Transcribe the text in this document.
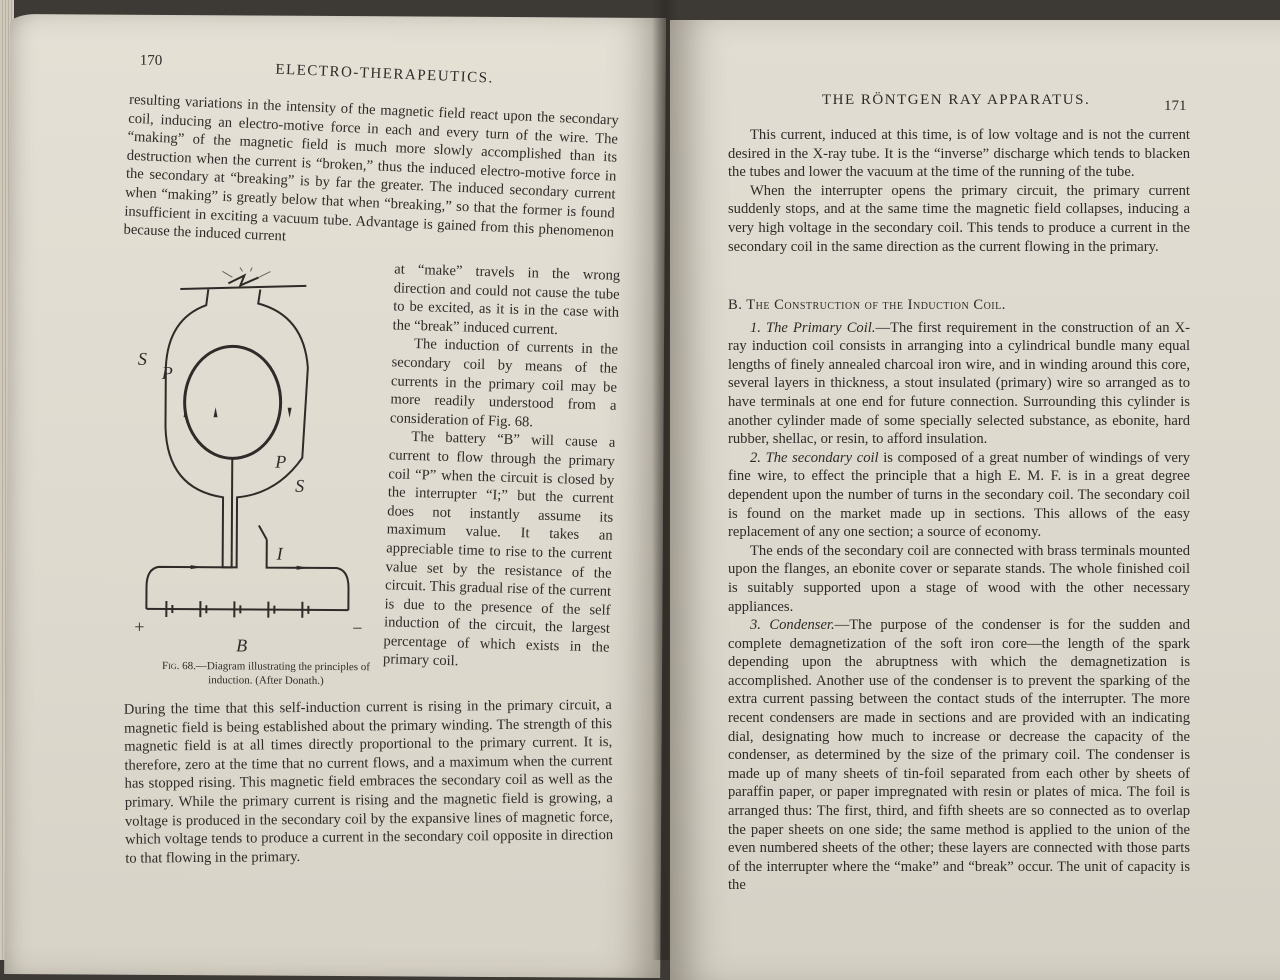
170
ELECTRO-THERAPEUTICS.

resulting variations in the intensity of the magnetic field react upon the secondary coil, inducing an electro-motive force in each and every turn of the wire. The “making” of the magnetic field is much more slowly accomplished than its destruction when the current is “broken,” thus the induced electro-motive force in the secondary at “breaking” is by far the greater. The induced secondary current when “making” is greatly below that when “breaking,” so that the former is found insufficient in exciting a vacuum tube. Advantage is gained from this phenomenon because the induced current

S
P
P
S
I
B
+	−
Fig. 68.—Diagram illustrating the principles of induction. (After Donath.)

at “make” travels in the wrong direction and could not cause the tube to be excited, as it is in the case with the “break” induced current.

The induction of currents in the secondary coil by means of the currents in the primary coil may be more readily understood from a consideration of Fig. 68.

The battery “B” will cause a current to flow through the primary coil “P” when the circuit is closed by the interrupter “I;” but the current does not instantly assume its maximum value. It takes an appreciable time to rise to the current value set by the resistance of the circuit. This gradual rise of the current is due to the presence of the self induction of the circuit, the largest percentage of which exists in the primary coil.

During the time that this self-induction current is rising in the primary circuit, a magnetic field is being established about the primary winding. The strength of this magnetic field is at all times directly proportional to the primary current. It is, therefore, zero at the time that no current flows, and a maximum when the current has stopped rising. This magnetic field embraces the secondary coil as well as the primary. While the primary current is rising and the magnetic field is growing, a voltage is produced in the secondary coil by the expansive lines of magnetic force, which voltage tends to produce a current in the secondary coil opposite in direction to that flowing in the primary.

THE RÖNTGEN RAY APPARATUS.	171

This current, induced at this time, is of low voltage and is not the current desired in the X-ray tube. It is the “inverse” discharge which tends to blacken the tubes and lower the vacuum at the time of the running of the tube.

When the interrupter opens the primary circuit, the primary current suddenly stops, and at the same time the magnetic field collapses, inducing a very high voltage in the secondary coil. This tends to produce a current in the secondary coil in the same direction as the current flowing in the primary.

B. The Construction of the Induction Coil.

1. The Primary Coil.—The first requirement in the construction of an X-ray induction coil consists in arranging into a cylindrical bundle many equal lengths of finely annealed charcoal iron wire, and in winding around this core, several layers in thickness, a stout insulated (primary) wire so arranged as to have terminals at one end for future connection. Surrounding this cylinder is another cylinder made of some specially selected substance, as ebonite, hard rubber, shellac, or resin, to afford insulation.

2. The secondary coil is composed of a great number of windings of very fine wire, to effect the principle that a high E. M. F. is in a great degree dependent upon the number of turns in the secondary coil. The secondary coil is found on the market made up in sections. This allows of the easy replacement of any one section; a source of economy.

The ends of the secondary coil are connected with brass terminals mounted upon the flanges, an ebonite cover or separate stands. The whole finished coil is suitably supported upon a stage of wood with the other necessary appliances.

3. Condenser.—The purpose of the condenser is for the sudden and complete demagnetization of the soft iron core—the length of the spark depending upon the abruptness with which the demagnetization is accomplished. Another use of the condenser is to prevent the sparking of the extra current passing between the contact studs of the interrupter. The more recent condensers are made in sections and are provided with an indicating dial, designating how much to increase or decrease the capacity of the condenser, as determined by the size of the primary coil. The condenser is made up of many sheets of tin-foil separated from each other by sheets of paraffin paper, or paper impregnated with resin or plates of mica. The foil is arranged thus: The first, third, and fifth sheets are so connected as to overlap the paper sheets on one side; the same method is applied to the union of the even numbered sheets of the other; these layers are connected with those parts of the interrupter where the “make” and “break” occur. The unit of capacity is the
